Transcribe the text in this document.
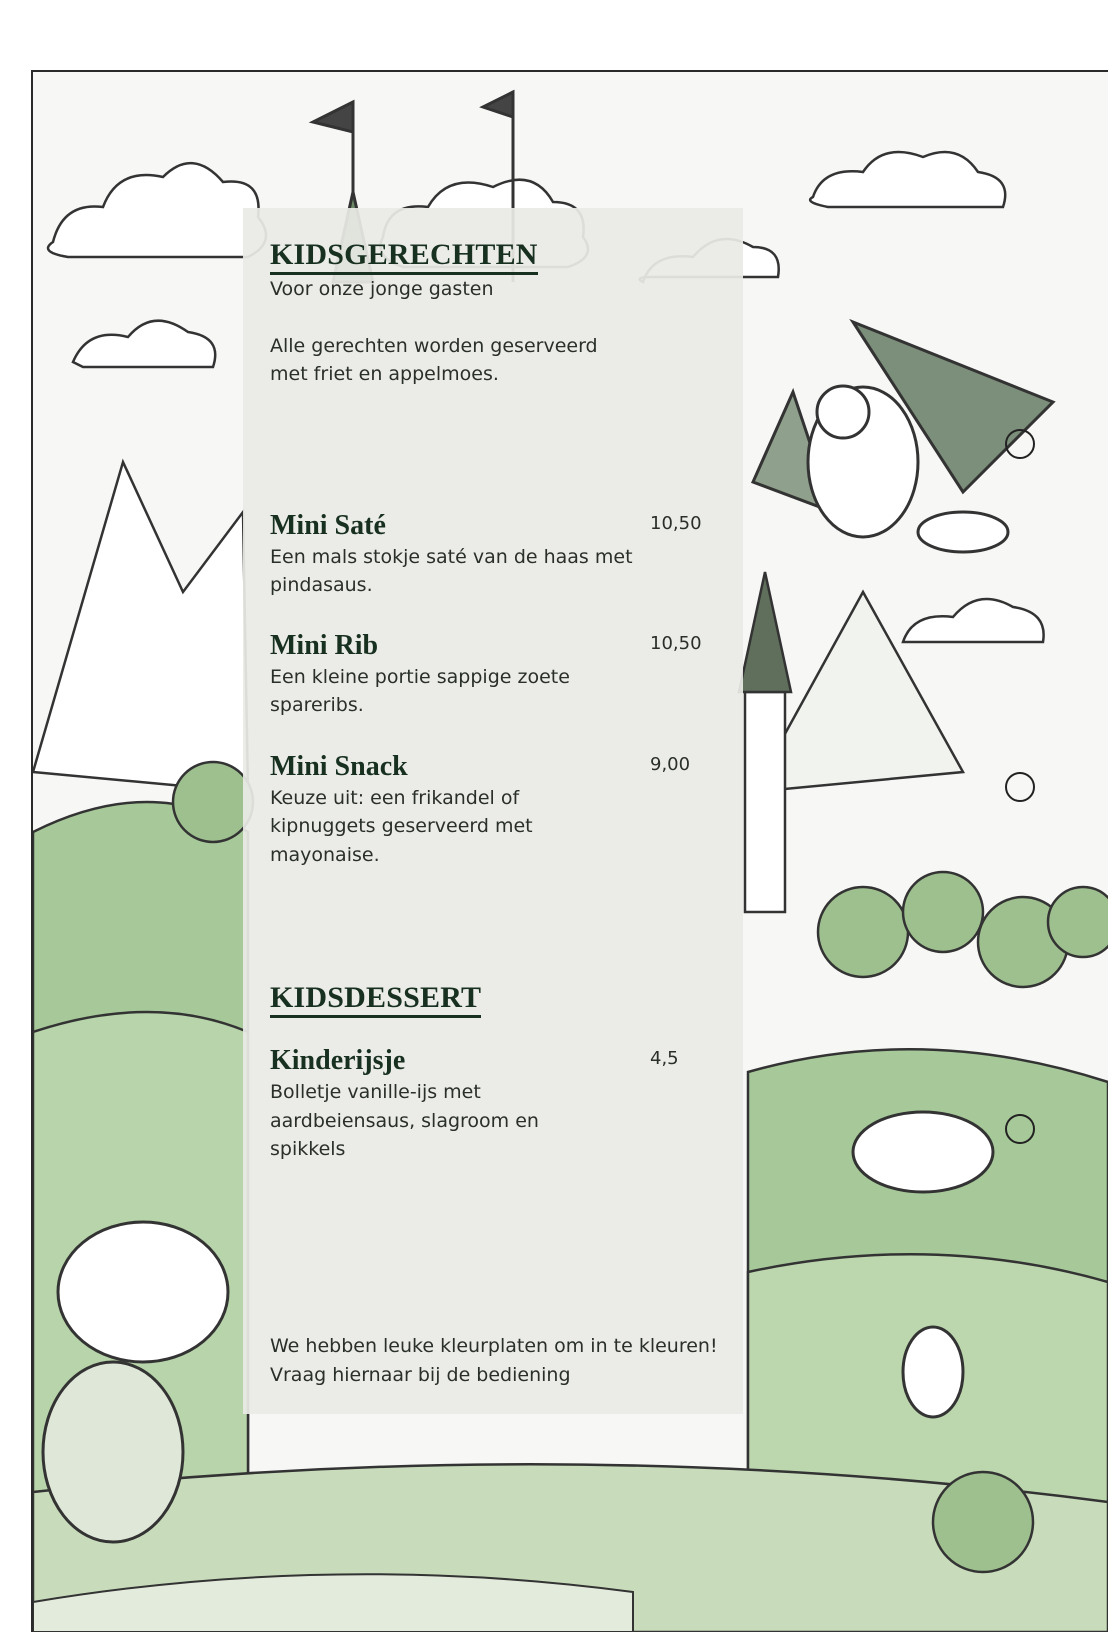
KIDSGERECHTEN

Voor onze jonge gasten

Alle gerechten worden geserveerd
met friet en appelmoes.

Mini Saté	10,50

Een mals stokje saté van de haas met pindasaus.

Mini Rib	10,50

Een kleine portie sappige zoete spareribs.

Mini Snack	9,00

Keuze uit: een frikandel of kipnuggets geserveerd met mayonaise.

KIDSDESSERT

Kinderijsje	4,5

Bolletje vanille-ijs met aardbeiensaus, slagroom en spikkels

We hebben leuke kleurplaten om in te kleuren!
Vraag hiernaar bij de bediening
